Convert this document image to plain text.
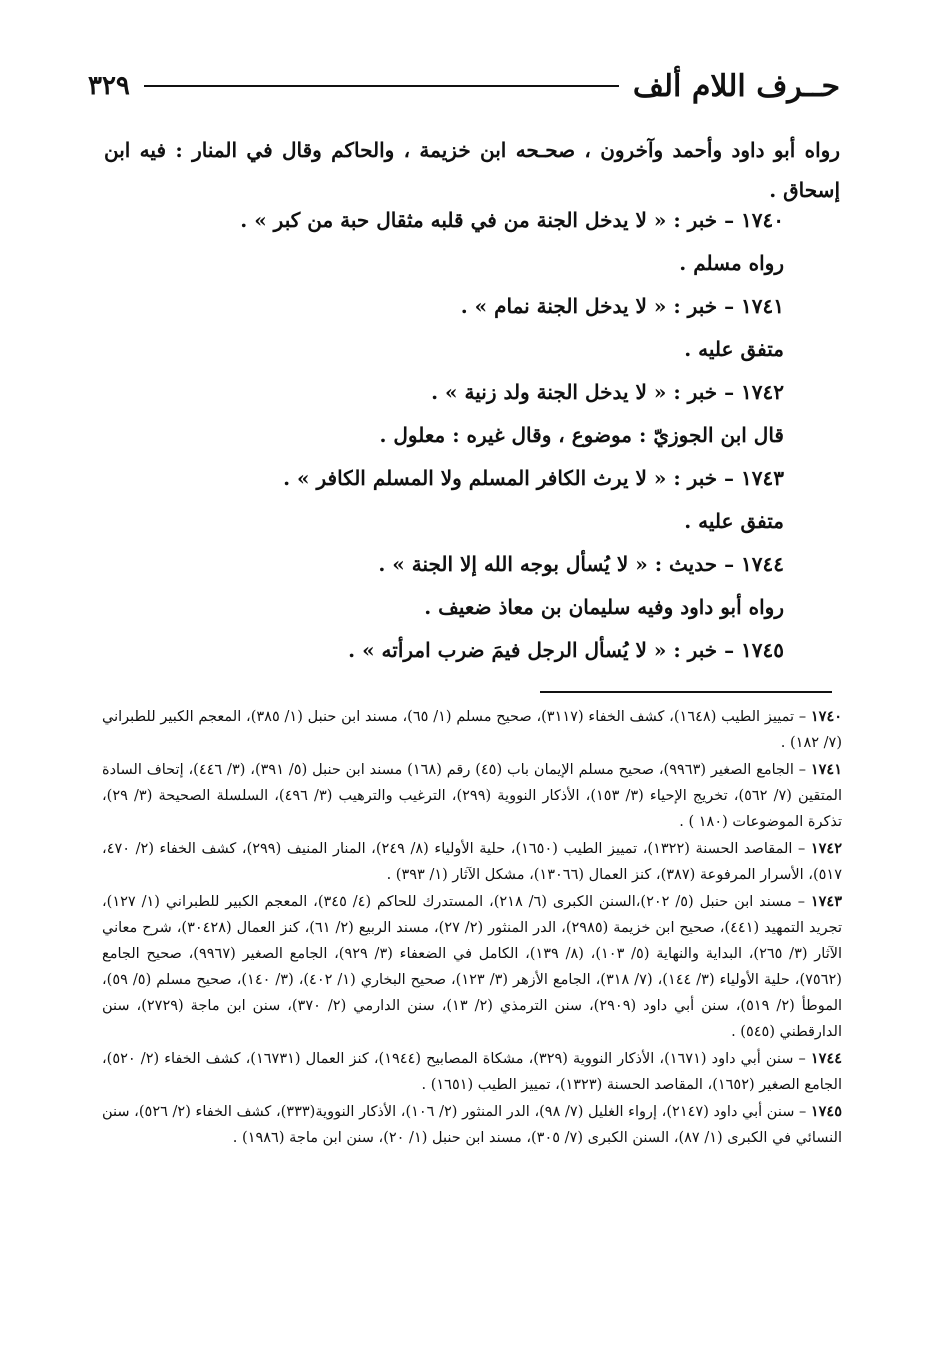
حــرف اللام ألف
٣٢٩
رواه أبو داود وأحمد وآخرون ، صحـحه ابن خزيمة ، والحاكم وقال في المنار : فيه ابن إسحاق .
١٧٤٠ – خبر : « لا يدخل الجنة من في قلبه مثقال حبة من كبر » .
رواه مسلم .
١٧٤١ – خبر : « لا يدخل الجنة نمام » .
متفق عليه .
١٧٤٢ – خبر : « لا يدخل الجنة ولد زنية » .
قال ابن الجوزيّ : موضوع ، وقال غيره : معلول .
١٧٤٣ – خبر : « لا يرث الكافر المسلم ولا المسلم الكافر » .
متفق عليه .
١٧٤٤ – حديث : « لا يُسأل بوجه الله إلا الجنة » .
رواه أبو داود وفيه سليمان بن معاذ ضعيف .
١٧٤٥ – خبر : « لا يُسأل الرجل فيمَ ضرب امرأته » .
١٧٤٠ – تمييز الطيب (١٦٤٨)، كشف الخفاء (٣١١٧)، صحيح مسلم (١/ ٦٥)، مسند ابن حنبل (١/ ٣٨٥)، المعجم الكبير للطبراني (٧/ ١٨٢) .
١٧٤١ – الجامع الصغير (٩٩٦٣)، صحيح مسلم الإيمان باب (٤٥) رقم (١٦٨) مسند ابن حنبل (٥/ ٣٩١)، (٣/ ٤٤٦)، إتحاف السادة المتقين (٧/ ٥٦٢)، تخريج الإحياء (٣/ ١٥٣)، الأذكار النووية (٢٩٩)، الترغيب والترهيب (٣/ ٤٩٦)، السلسلة الصحيحة (٣/ ٢٩)، تذكرة الموضوعات (١٨٠ ) .
١٧٤٢ – المقاصد الحسنة (١٣٢٢)، تمييز الطيب (١٦٥٠)، حلية الأولياء (٨/ ٢٤٩)، المنار المنيف (٢٩٩)، كشف الخفاء (٢/ ٤٧٠، ٥١٧)، الأسرار المرفوعة (٣٨٧)، كنز العمال (١٣٠٦٦)، مشكل الآثار (١/ ٣٩٣) .
١٧٤٣ – مسند ابن حنبل (٥/ ٢٠٢)،السنن الكبرى (٦/ ٢١٨)، المستدرك للحاكم (٤/ ٣٤٥)، المعجم الكبير للطبراني (١/ ١٢٧)، تجريد التمهيد (٤٤١)، صحيح ابن خزيمة (٢٩٨٥)، الدر المنثور (٢/ ٢٧)، مسند الربيع (٢/ ٦١)، كنز العمال (٣٠٤٢٨)، شرح معاني الآثار (٣/ ٢٦٥)، البداية والنهاية (٥/ ١٠٣)، (٨/ ١٣٩)، الكامل في الضعفاء (٣/ ٩٢٩)، الجامع الصغير (٩٩٦٧)، صحيح الجامع (٧٥٦٢)، حلية الأولياء (٣/ ١٤٤)، (٧/ ٣١٨)، الجامع الأزهر (٣/ ١٢٣)، صحيح البخاري (١/ ٤٠٢)، (٣/ ١٤٠)، صحيح مسلم (٥/ ٥٩)، الموطأ (٢/ ٥١٩)، سنن أبي داود (٢٩٠٩)، سنن الترمذي (٢/ ١٣)، سنن الدارمي (٢/ ٣٧٠)، سنن ابن ماجة (٢٧٢٩)، سنن الدارقطني (٥٤٥) .
١٧٤٤ – سنن أبي داود (١٦٧١)، الأذكار النووية (٣٢٩)، مشكاة المصابيح (١٩٤٤)، كنز العمال (١٦٧٣١)، كشف الخفاء (٢/ ٥٢٠)، الجامع الصغير (١٦٥٢)، المقاصد الحسنة (١٣٢٣)، تمييز الطيب (١٦٥١) .
١٧٤٥ – سنن أبي داود (٢١٤٧)، إرواء الغليل (٧/ ٩٨)، الدر المنثور (٢/ ١٠٦)، الأذكار النووية(٣٣٣)، كشف الخفاء (٢/ ٥٢٦)، سنن النسائي في الكبرى (١/ ٨٧)، السنن الكبرى (٧/ ٣٠٥)، مسند ابن حنبل (١/ ٢٠)، سنن ابن ماجة (١٩٨٦) .
